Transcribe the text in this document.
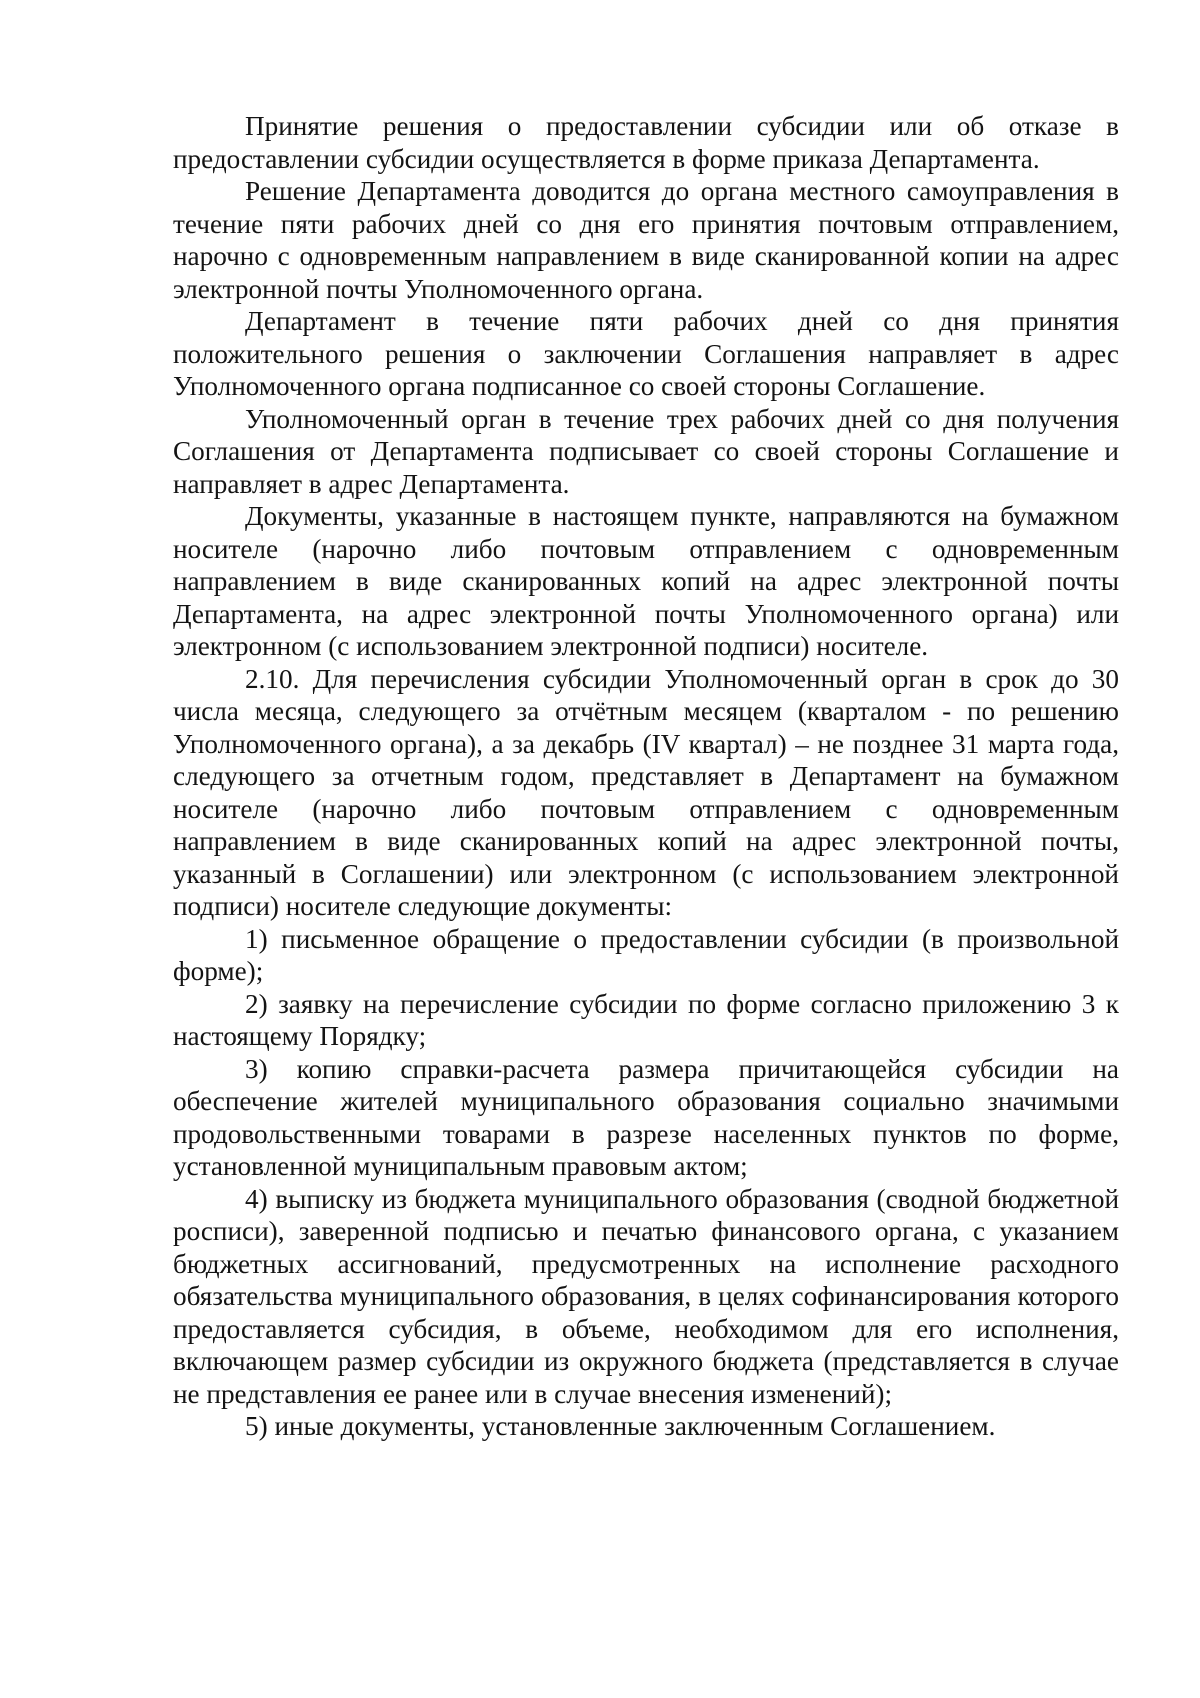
Принятие решения о предоставлении субсидии или об отказе в предоставлении субсидии осуществляется в форме приказа Департамента.

Решение Департамента доводится до органа местного самоуправления в течение пяти рабочих дней со дня его принятия почтовым отправлением, нарочно с одновременным направлением в виде сканированной копии на адрес электронной почты Уполномоченного органа.

Департамент в течение пяти рабочих дней со дня принятия положительного решения о заключении Соглашения направляет в адрес Уполномоченного органа подписанное со своей стороны Соглашение.

Уполномоченный орган в течение трех рабочих дней со дня получения Соглашения от Департамента подписывает со своей стороны Соглашение и направляет в адрес Департамента.

Документы, указанные в настоящем пункте, направляются на бумажном носителе (нарочно либо почтовым отправлением с одновременным направлением в виде сканированных копий на адрес электронной почты Департамента, на адрес электронной почты Уполномоченного органа) или электронном (с использованием электронной подписи) носителе.

2.10. Для перечисления субсидии Уполномоченный орган в срок до 30 числа месяца, следующего за отчётным месяцем (кварталом - по решению Уполномоченного органа), а за декабрь (IV квартал) – не позднее 31 марта года, следующего за отчетным годом, представляет в Департамент на бумажном носителе (нарочно либо почтовым отправлением с одновременным направлением в виде сканированных копий на адрес электронной почты, указанный в Соглашении) или электронном (с использованием электронной подписи) носителе следующие документы:

1) письменное обращение о предоставлении субсидии (в произвольной форме);

2) заявку на перечисление субсидии по форме согласно приложению 3 к настоящему Порядку;

3) копию справки-расчета размера причитающейся субсидии на обеспечение жителей муниципального образования социально значимыми продовольственными товарами в разрезе населенных пунктов по форме, установленной муниципальным правовым актом;

4) выписку из бюджета муниципального образования (сводной бюджетной росписи), заверенной подписью и печатью финансового органа, с указанием бюджетных ассигнований, предусмотренных на исполнение расходного обязательства муниципального образования, в целях софинансирования которого предоставляется субсидия, в объеме, необходимом для его исполнения, включающем размер субсидии из окружного бюджета (представляется в случае не представления ее ранее или в случае внесения изменений);

5) иные документы, установленные заключенным Соглашением.
